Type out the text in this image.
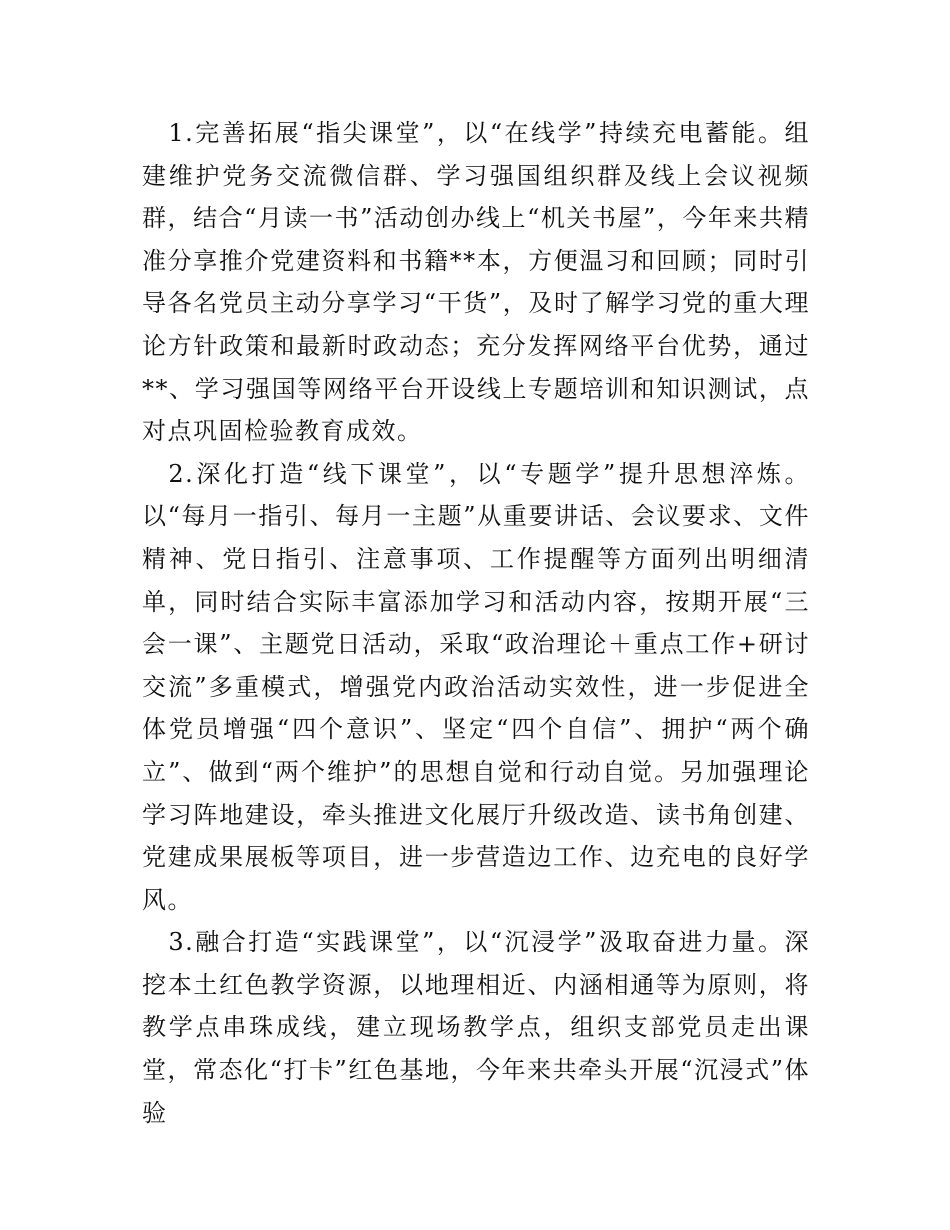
1.完善拓展“指尖课堂”，以“在线学”持续充电蓄能。组建维护党务交流微信群、学习强国组织群及线上会议视频群，结合“月读一书”活动创办线上“机关书屋”，今年来共精准分享推介党建资料和书籍**本，方便温习和回顾；同时引导各名党员主动分享学习“干货”，及时了解学习党的重大理论方针政策和最新时政动态；充分发挥网络平台优势，通过**、学习强国等网络平台开设线上专题培训和知识测试，点对点巩固检验教育成效。

2.深化打造“线下课堂”，以“专题学”提升思想淬炼。以“每月一指引、每月一主题”从重要讲话、会议要求、文件精神、党日指引、注意事项、工作提醒等方面列出明细清单，同时结合实际丰富添加学习和活动内容，按期开展“三会一课”、主题党日活动，采取“政治理论＋重点工作+研讨交流”多重模式，增强党内政治活动实效性，进一步促进全体党员增强“四个意识”、坚定“四个自信”、拥护“两个确立”、做到“两个维护”的思想自觉和行动自觉。另加强理论学习阵地建设，牵头推进文化展厅升级改造、读书角创建、党建成果展板等项目，进一步营造边工作、边充电的良好学风。

3.融合打造“实践课堂”，以“沉浸学”汲取奋进力量。深挖本土红色教学资源，以地理相近、内涵相通等为原则，将教学点串珠成线，建立现场教学点，组织支部党员走出课堂，常态化“打卡”红色基地，今年来共牵头开展“沉浸式”体验
